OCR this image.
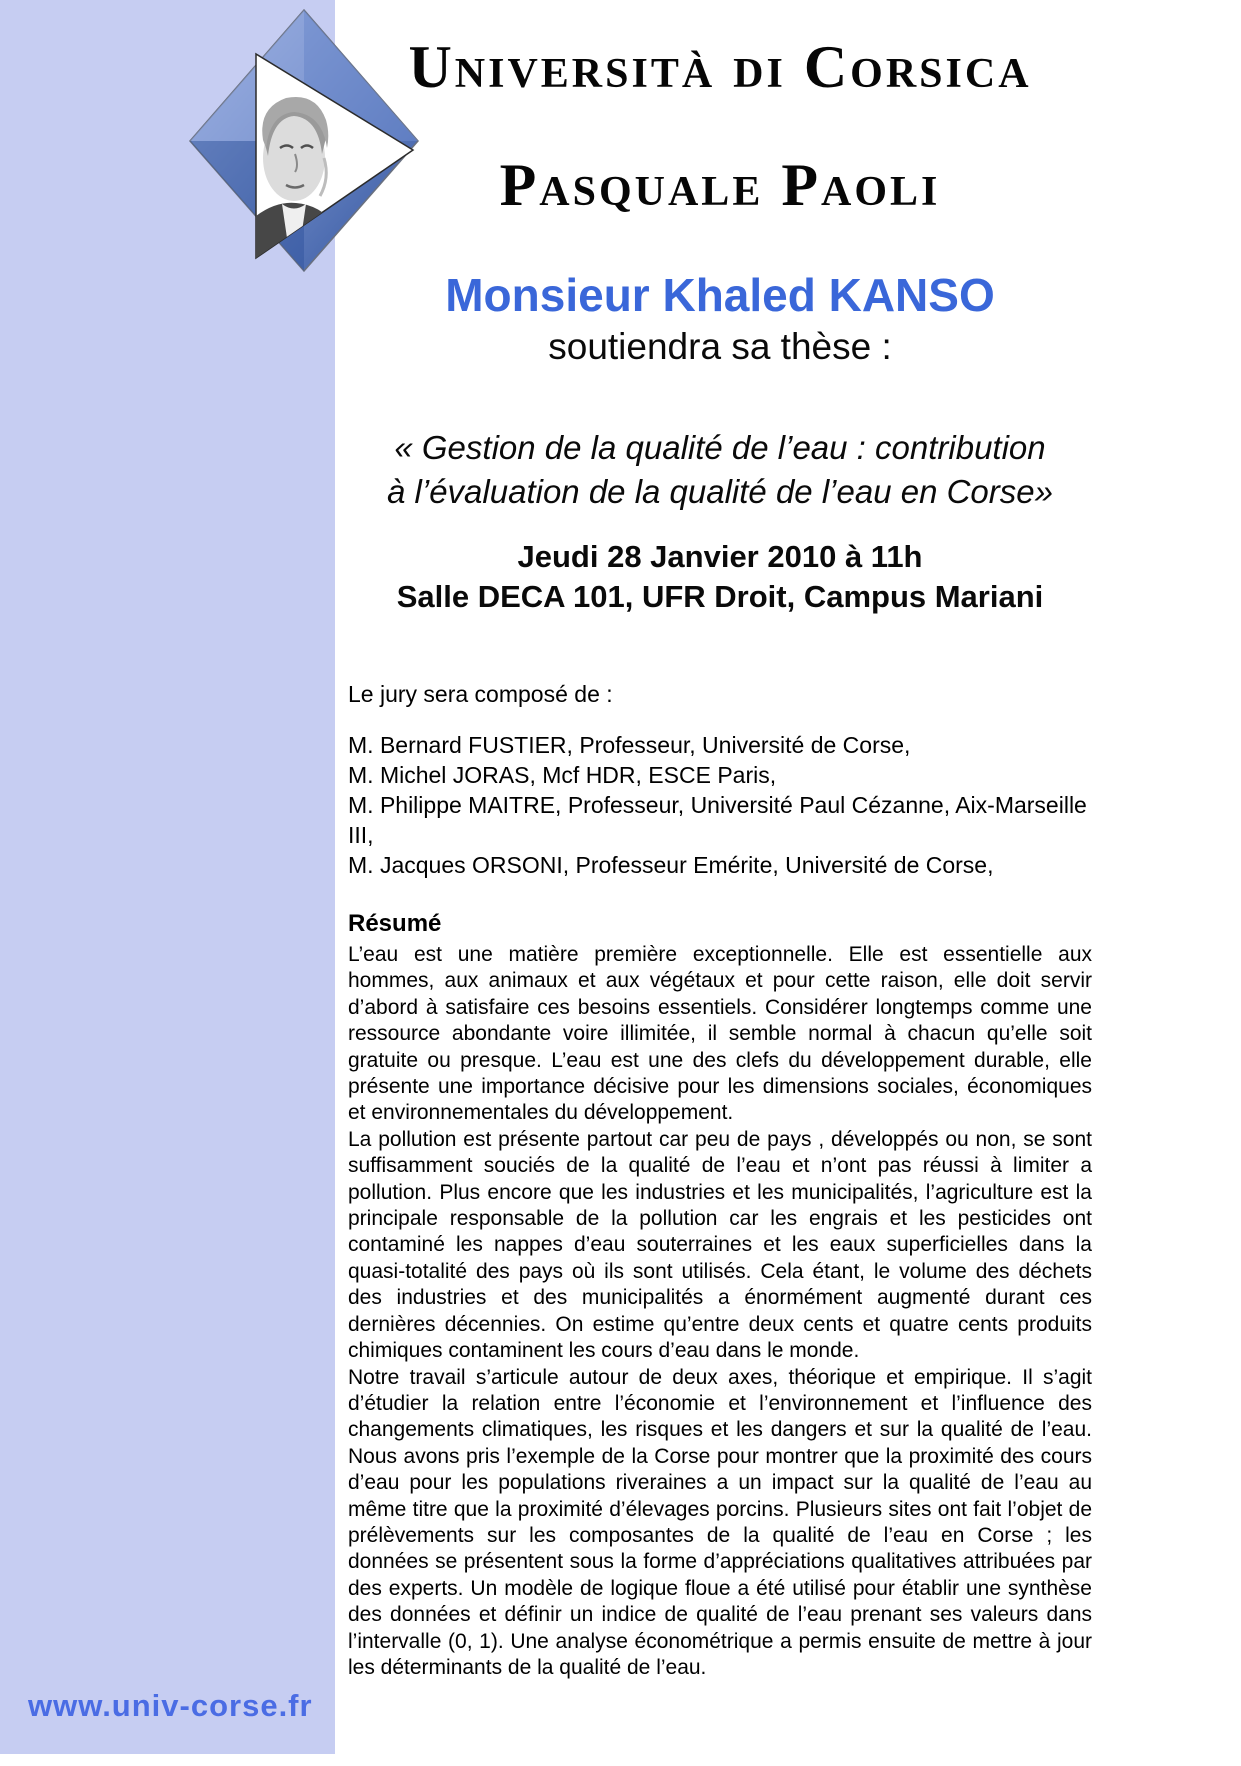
www.univ-corse.fr
Università di Corsica
Pasquale Paoli
Monsieur Khaled KANSO
soutiendra sa thèse :
« Gestion de la qualité de l’eau : contribution
à l’évaluation de la qualité de l’eau en Corse»
Jeudi 28 Janvier 2010 à 11h
Salle DECA 101, UFR Droit, Campus Mariani
Le jury sera composé de :
M. Bernard FUSTIER, Professeur, Université de Corse,
M. Michel JORAS, Mcf HDR, ESCE Paris,
M. Philippe MAITRE, Professeur, Université Paul Cézanne, Aix-Marseille III,
M. Jacques ORSONI, Professeur Emérite, Université de Corse,
Résumé

L’eau est une matière première exceptionnelle. Elle est essentielle aux hommes, aux animaux et aux végétaux et pour cette raison, elle doit servir d’abord à satisfaire ces besoins essentiels. Considérer longtemps comme une ressource abondante voire illimitée, il semble normal à chacun qu’elle soit gratuite ou presque. L’eau est une des clefs du développement durable, elle présente une importance décisive pour les dimensions sociales, économiques et environnementales du développement.

La pollution est présente partout car peu de pays , développés ou non, se sont suffisamment souciés de la qualité de l’eau et n’ont pas réussi à limiter a pollution. Plus encore que les industries et les municipalités, l’agriculture est la principale responsable de la pollution car les engrais et les pesticides ont contaminé les nappes d’eau souterraines et les eaux superficielles dans la quasi-totalité des pays où ils sont utilisés. Cela étant, le volume des déchets des industries et des municipalités a énormément augmenté durant ces dernières décennies. On estime qu’entre deux cents et quatre cents produits chimiques contaminent les cours d’eau dans le monde.

Notre travail s’articule autour de deux axes, théorique et empirique. Il s’agit d’étudier la relation entre l’économie et l’environnement et l’influence des changements climatiques, les risques et les dangers et sur la qualité de l’eau. Nous avons pris l’exemple de la Corse pour montrer que la proximité des cours d’eau pour les populations riveraines a un impact sur la qualité de l’eau au même titre que la proximité d’élevages porcins. Plusieurs sites ont fait l’objet de prélèvements sur les composantes de la qualité de l’eau en Corse ; les données se présentent sous la forme d’appréciations qualitatives attribuées par des experts. Un modèle de logique floue a été utilisé pour établir une synthèse des données et définir un indice de qualité de l’eau prenant ses valeurs dans l’intervalle (0, 1). Une analyse économétrique a permis ensuite de mettre à jour les déterminants de la qualité de l’eau.
